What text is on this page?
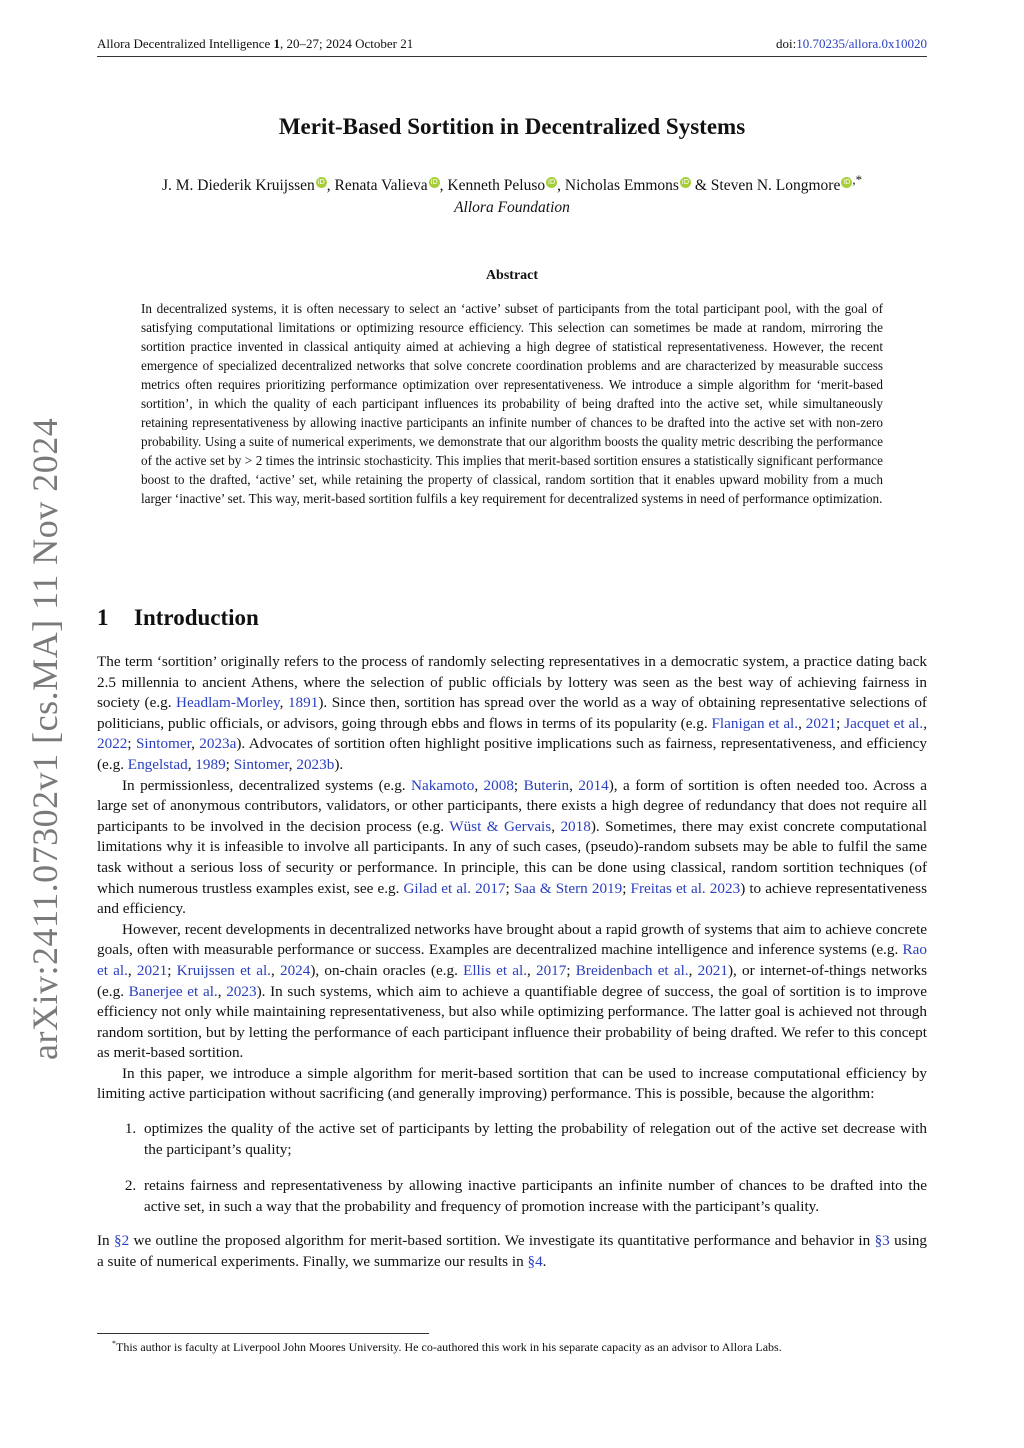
Allora Decentralized Intelligence 1, 20–27; 2024 October 21	doi:10.70235/allora.0x10020
arXiv:2411.07302v1 [cs.MA] 11 Nov 2024
Merit-Based Sortition in Decentralized Systems
J. M. Diederik Kruijssen iD , Renata Valieva iD , Kenneth Peluso iD , Nicholas Emmons iD & Steven N. Longmore iD ,*
Allora Foundation
Abstract

In decentralized systems, it is often necessary to select an ‘active’ subset of participants from the total participant pool, with the goal of satisfying computational limitations or optimizing resource efficiency. This selection can sometimes be made at random, mirroring the sortition practice invented in classical antiquity aimed at achieving a high degree of statistical representativeness. However, the recent emergence of specialized decentralized networks that solve concrete coordination problems and are characterized by measurable success metrics often requires prioritizing performance optimization over representativeness. We introduce a simple algorithm for ‘merit-based sortition’, in which the quality of each participant influences its probability of being drafted into the active set, while simultaneously retaining representativeness by allowing inactive participants an infinite number of chances to be drafted into the active set with non-zero probability. Using a suite of numerical experiments, we demonstrate that our algorithm boosts the quality metric describing the performance of the active set by > 2 times the intrinsic stochasticity. This implies that merit-based sortition ensures a statistically significant performance boost to the drafted, ‘active’ set, while retaining the property of classical, random sortition that it enables upward mobility from a much larger ‘inactive’ set. This way, merit-based sortition fulfils a key requirement for decentralized systems in need of performance optimization.

1 Introduction

The term ‘sortition’ originally refers to the process of randomly selecting representatives in a democratic system, a practice dating back 2.5 millennia to ancient Athens, where the selection of public officials by lottery was seen as the best way of achieving fairness in society (e.g. Headlam-Morley, 1891). Since then, sortition has spread over the world as a way of obtaining representative selections of politicians, public officials, or advisors, going through ebbs and flows in terms of its popularity (e.g. Flanigan et al., 2021; Jacquet et al., 2022; Sintomer, 2023a). Advocates of sortition often highlight positive implications such as fairness, representativeness, and efficiency (e.g. Engelstad, 1989; Sintomer, 2023b).

In permissionless, decentralized systems (e.g. Nakamoto, 2008; Buterin, 2014), a form of sortition is often needed too. Across a large set of anonymous contributors, validators, or other participants, there exists a high degree of redundancy that does not require all participants to be involved in the decision process (e.g. Wüst & Gervais, 2018). Sometimes, there may exist concrete computational limitations why it is infeasible to involve all participants. In any of such cases, (pseudo)-random subsets may be able to fulfil the same task without a serious loss of security or performance. In principle, this can be done using classical, random sortition techniques (of which numerous trustless examples exist, see e.g. Gilad et al. 2017; Saa & Stern 2019; Freitas et al. 2023) to achieve representativeness and efficiency.

However, recent developments in decentralized networks have brought about a rapid growth of systems that aim to achieve concrete goals, often with measurable performance or success. Examples are decentralized machine intelligence and inference systems (e.g. Rao et al., 2021; Kruijssen et al., 2024), on-chain oracles (e.g. Ellis et al., 2017; Breidenbach et al., 2021), or internet-of-things networks (e.g. Banerjee et al., 2023). In such systems, which aim to achieve a quantifiable degree of success, the goal of sortition is to improve efficiency not only while maintaining representativeness, but also while optimizing performance. The latter goal is achieved not through random sortition, but by letting the performance of each participant influence their probability of being drafted. We refer to this concept as merit-based sortition.

In this paper, we introduce a simple algorithm for merit-based sortition that can be used to increase computational efficiency by limiting active participation without sacrificing (and generally improving) performance. This is possible, because the algorithm:

1. optimizes the quality of the active set of participants by letting the probability of relegation out of the active set decrease with the participant’s quality;
2. retains fairness and representativeness by allowing inactive participants an infinite number of chances to be drafted into the active set, in such a way that the probability and frequency of promotion increase with the participant’s quality.

In §2 we outline the proposed algorithm for merit-based sortition. We investigate its quantitative performance and behavior in §3 using a suite of numerical experiments. Finally, we summarize our results in §4.

*This author is faculty at Liverpool John Moores University. He co-authored this work in his separate capacity as an advisor to Allora Labs.
